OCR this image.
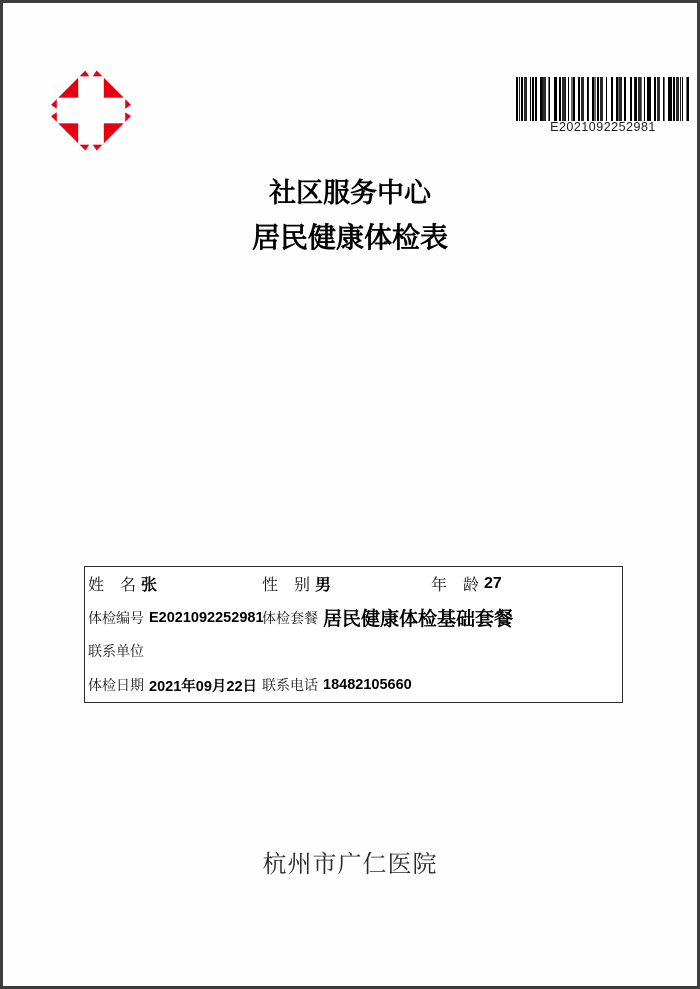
E2021092252981
社区服务中心
居民健康体检表
姓　名 张	性　别 男	年　龄 27
体检编号 E2021092252981
体检套餐 居民健康体检基础套餐
联系单位
体检日期 2021年09月22日 联系电话 18482105660
杭州市广仁医院
